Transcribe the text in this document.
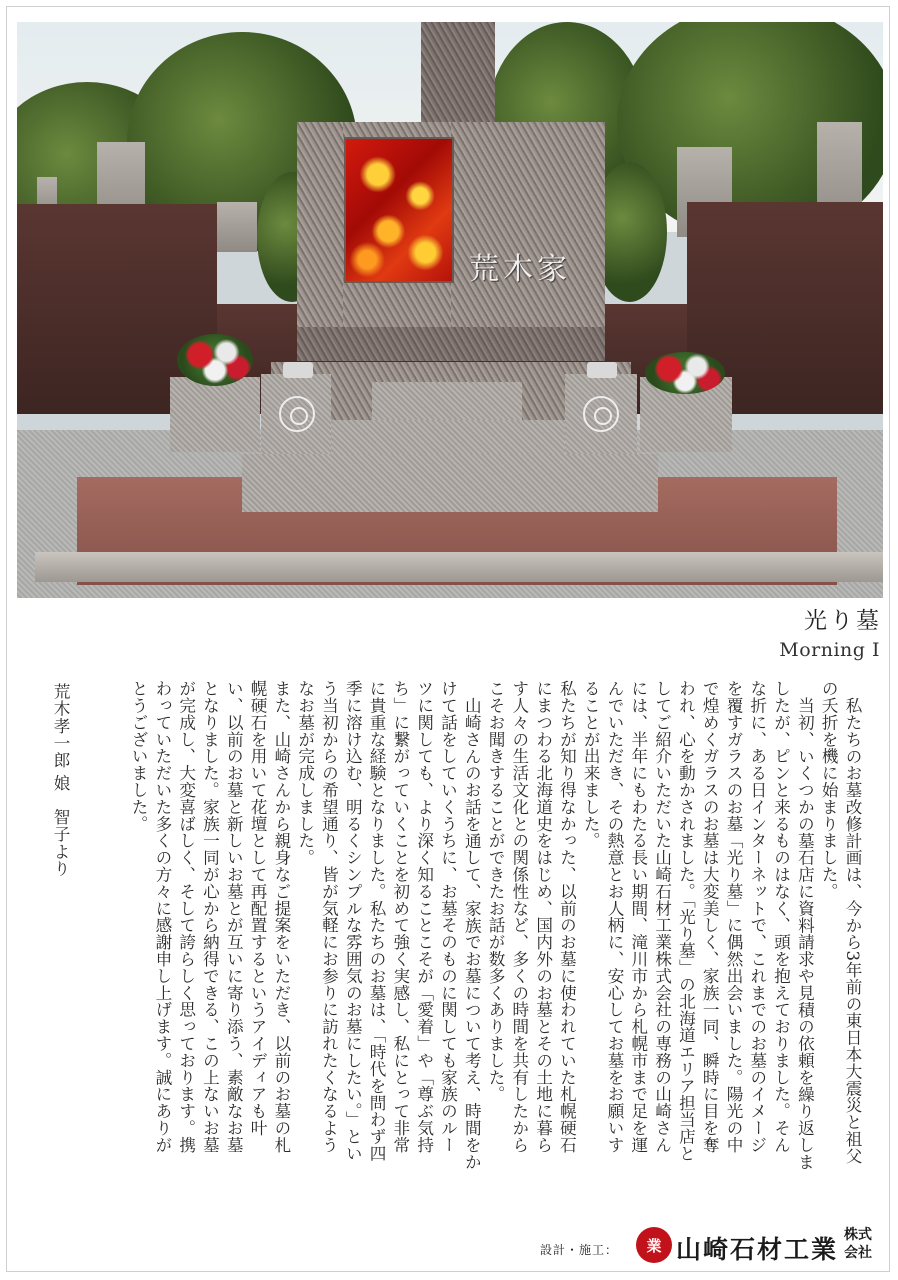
荒木家
光り墓
Morning I

私たちのお墓改修計画は、今から3年前の東日本大震災と祖父の夭折を機に始まりました。

当初、いくつかの墓石店に資料請求や見積の依頼を繰り返しましたが、ピンと来るものはなく、頭を抱えておりました。そんな折に、ある日インターネットで、これまでのお墓のイメージを覆すガラスのお墓「光り墓」に偶然出会いました。陽光の中で煌めくガラスのお墓は大変美しく、家族一同、瞬時に目を奪われ、心を動かされました。「光り墓」の北海道エリア担当店としてご紹介いただいた山崎石材工業株式会社の専務の山崎さんには、半年にもわたる長い期間、滝川市から札幌市まで足を運んでいただき、その熱意とお人柄に、安心してお墓をお願いすることが出来ました。

私たちが知り得なかった、以前のお墓に使われていた札幌硬石にまつわる北海道史をはじめ、国内外のお墓とその土地に暮らす人々の生活文化との関係性など、多くの時間を共有したからこそお聞きすることができたお話が数多くありました。

山崎さんのお話を通して、家族でお墓について考え、時間をかけて話をしていくうちに、お墓そのものに関しても家族のルーツに関しても、より深く知ることこそが「愛着」や「尊ぶ気持ち」に繋がっていくことを初めて強く実感し、私にとって非常に貴重な経験となりました。私たちのお墓は、「時代を問わず四季に溶け込む、明るくシンプルな雰囲気のお墓にしたい。」という当初からの希望通り、皆が気軽にお参りに訪れたくなるようなお墓が完成しました。

また、山崎さんから親身なご提案をいただき、以前のお墓の札幌硬石を用いて花壇として再配置するというアイディアも叶い、以前のお墓と新しいお墓とが互いに寄り添う、素敵なお墓となりました。家族一同が心から納得できる、この上ないお墓が完成し、大変喜ばしく、そして誇らしく思っております。携わっていただいた多くの方々に感謝申し上げます。誠にありがとうございました。

荒木孝一郎 娘　智子より
設計・施工： 業 山崎石材工業 株式会社
